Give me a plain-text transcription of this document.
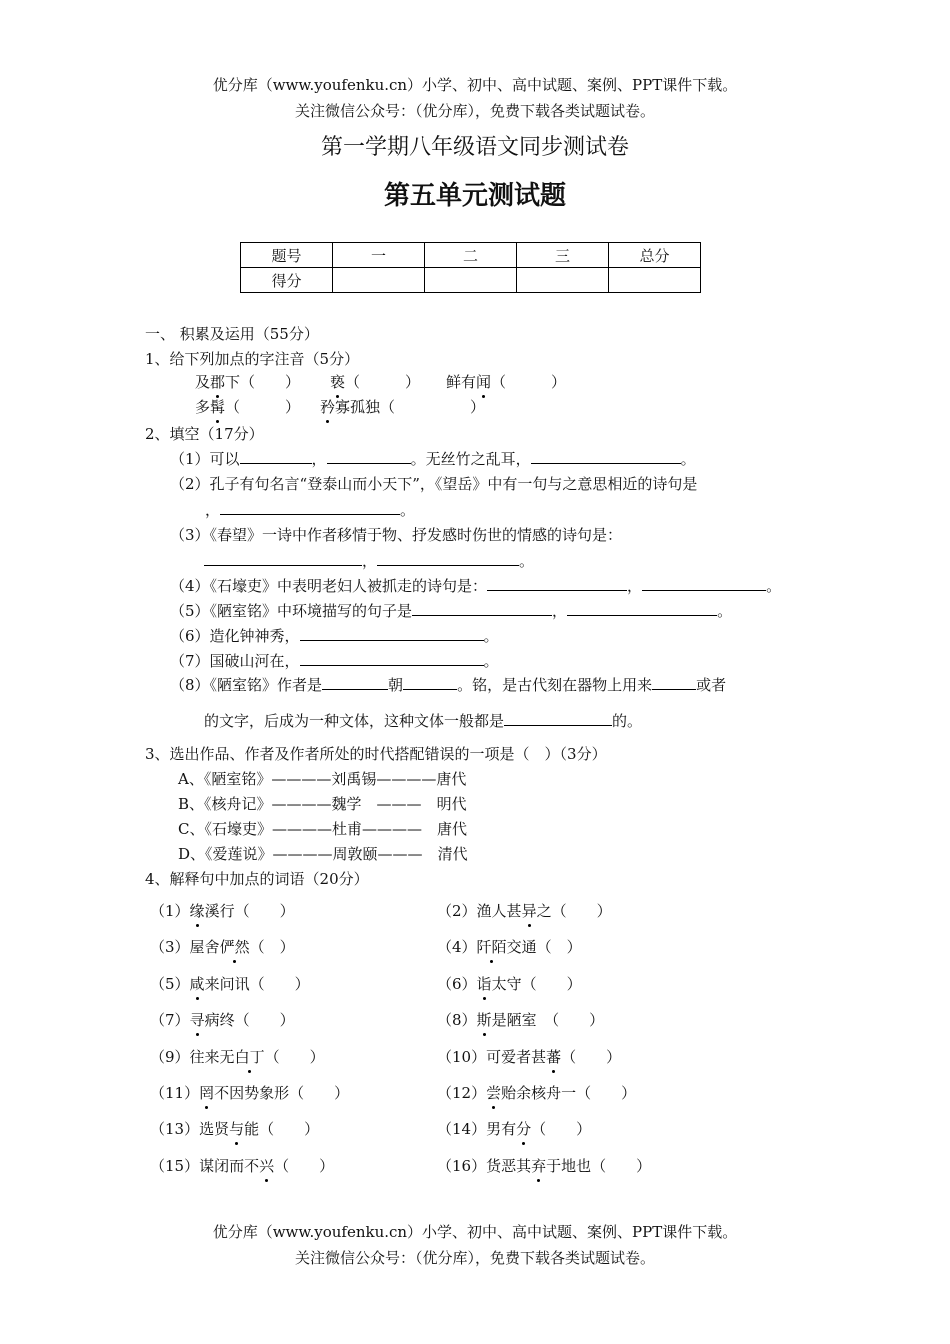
优分库（www.youfenku.cn）小学、初中、高中试题、案例、PPT课件下载。
关注微信公众号：（优分库），免费下载各类试题试卷。
第一学期八年级语文同步测试卷
第五单元测试题
题号	一	二	三	总分
得分				
一、 积累及运用（55分）
1、给下列加点的字注音（5分）
及郡下（　　） 亵（　　　） 鲜有闻（　　　）
多髯（　　　） 矜寡孤独（　　　　　）
2、填空（17分）
（1）可以	，	。无丝竹之乱耳，	。
（2）孔子有句名言“登泰山而小天下”，《望岳》中有一句与之意思相近的诗句是
，	。
（3）《春望》一诗中作者移情于物、抒发感时伤世的情感的诗句是：
，	。
（4）《石壕吏》中表明老妇人被抓走的诗句是：	，	。
（5）《陋室铭》中环境描写的句子是	，	。
（6）造化钟神秀，	。
（7）国破山河在，	。
（8）《陋室铭》作者是	朝	。铭，是古代刻在器物上用来	或者
的文字，后成为一种文体，这种文体一般都是	的。
3、选出作品、作者及作者所处的时代搭配错误的一项是（　）（3分）
A、《陋室铭》————刘禹锡————唐代
B、《核舟记》————魏学　———　明代
C、《石壕吏》————杜甫————　唐代
D、《爱莲说》————周敦颐———　清代
4、解释句中加点的词语（20分）
（1）缘溪行（　　）	（2）渔人甚异之（　　）
（3）屋舍俨然（　）	（4）阡陌交通（　）
（5）咸来问讯（　　）	（6）诣太守（　　）
（7）寻病终（　　）	（8）斯是陋室　（　　）
（9）往来无白丁（　　）	（10）可爱者甚蕃（　　）
（11）罔不因势象形（　　）	（12）尝贻余核舟一（　　）
（13）选贤与能（　　）	（14）男有分（　　）
（15）谋闭而不兴（　　）	（16）货恶其弃于地也（　　）
优分库（www.youfenku.cn）小学、初中、高中试题、案例、PPT课件下载。
关注微信公众号：（优分库），免费下载各类试题试卷。
